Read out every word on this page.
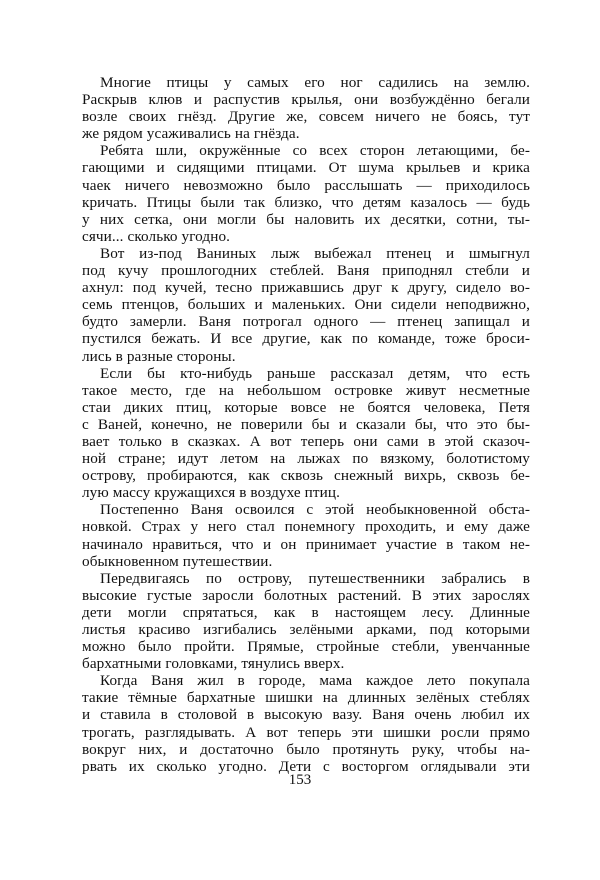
Многие птицы у самых его ног садились на землю.
Раскрыв клюв и распустив крылья, они возбуждённо бегали
возле своих гнёзд. Другие же, совсем ничего не боясь, тут
же рядом усаживались на гнёзда.
Ребята шли, окружённые со всех сторон летающими, бе-
гающими и сидящими птицами. От шума крыльев и крика
чаек ничего невозможно было расслышать — приходилось
кричать. Птицы были так близко, что детям казалось — будь
у них сетка, они могли бы наловить их десятки, сотни, ты-
сячи... сколько угодно.
Вот из-под Ваниных лыж выбежал птенец и шмыгнул
под кучу прошлогодних стеблей. Ваня приподнял стебли и
ахнул: под кучей, тесно прижавшись друг к другу, сидело во-
семь птенцов, больших и маленьких. Они сидели неподвижно,
будто замерли. Ваня потрогал одного — птенец запищал и
пустился бежать. И все другие, как по команде, тоже броси-
лись в разные стороны.
Если бы кто-нибудь раньше рассказал детям, что есть
такое место, где на небольшом островке живут несметные
стаи диких птиц, которые вовсе не боятся человека, Петя
с Ваней, конечно, не поверили бы и сказали бы, что это бы-
вает только в сказках. А вот теперь они сами в этой сказоч-
ной стране; идут летом на лыжах по вязкому, болотистому
острову, пробираются, как сквозь снежный вихрь, сквозь бе-
лую массу кружащихся в воздухе птиц.
Постепенно Ваня освоился с этой необыкновенной обста-
новкой. Страх у него стал понемногу проходить, и ему даже
начинало нравиться, что и он принимает участие в таком не-
обыкновенном путешествии.
Передвигаясь по острову, путешественники забрались в
высокие густые заросли болотных растений. В этих зарослях
дети могли спрятаться, как в настоящем лесу. Длинные
листья красиво изгибались зелёными арками, под которыми
можно было пройти. Прямые, стройные стебли, увенчанные
бархатными головками, тянулись вверх.
Когда Ваня жил в городе, мама каждое лето покупала
такие тёмные бархатные шишки на длинных зелёных стеблях
и ставила в столовой в высокую вазу. Ваня очень любил их
трогать, разглядывать. А вот теперь эти шишки росли прямо
вокруг них, и достаточно было протянуть руку, чтобы на-
рвать их сколько угодно. Дети с восторгом оглядывали эти
153
